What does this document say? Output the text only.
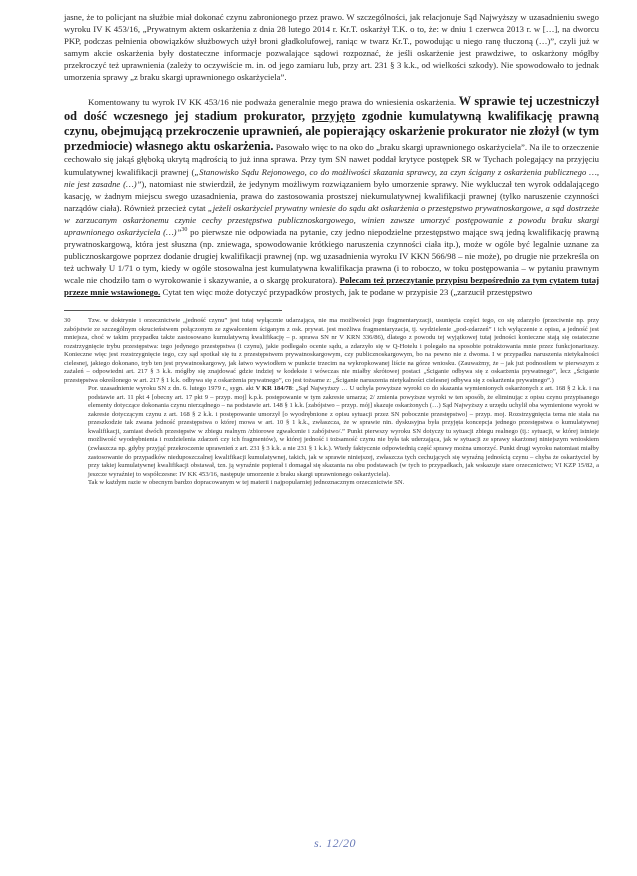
jasne, że to policjant na służbie miał dokonać czynu zabronionego przez prawo. W szczególności, jak relacjonuje Sąd Najwyższy w uzasadnieniu swego wyroku IV K 453/16, „Prywatnym aktem oskarżenia z dnia 28 lutego 2014 r. Kr.T. oskarżył T.K. o to, że: w dniu 1 czerwca 2013 r. w […], na dworcu PKP, podczas pełnienia obowiązków służbowych użył broni gładkolufowej, raniąc w twarz Kr.T., powodując u niego ranę tłuczoną (…)”, czyli już w samym akcie oskarżenia były dostateczne informacje pozwalające sądowi rozpoznać, że jeśli oskarżenie jest prawdziwe, to oskarżony mógłby przekroczyć też uprawnienia (zależy to oczywiście m. in. od jego zamiaru lub, przy art. 231 § 3 k.k., od wielkości szkody). Nie spowodowało to jednak umorzenia sprawy „z braku skargi uprawnionego oskarżyciela”.

Komentowany tu wyrok IV KK 453/16 nie podważa generalnie mego prawa do wniesienia oskarżenia. W sprawie tej uczestniczył od dość wczesnego jej stadium prokurator, przyjęto zgodnie kumulatywną kwalifikację prawną czynu, obejmującą przekroczenie uprawnień, ale popierający oskarżenie prokurator nie złożył (w tym przedmiocie) własnego aktu oskarżenia. Pasowało więc to na oko do „braku skargi uprawnionego oskarżyciela”. Na ile to orzeczenie cechowało się jakąś głęboką ukrytą mądrością to już inna sprawa. Przy tym SN nawet poddał krytyce postępek SR w Tychach polegający na przyjęciu kumulatywnej kwalifikacji prawnej („Stanowisko Sądu Rejonowego, co do możliwości skazania sprawcy, za czyn ścigany z oskarżenia publicznego …, nie jest zasadne (…)”), natomiast nie stwierdził, że jedynym możliwym rozwiązaniem było umorzenie sprawy. Nie wykluczał ten wyrok oddalającego kasację, w żadnym miejscu swego uzasadnienia, prawa do zastosowania prostszej niekumulatywnej kwalifikacji prawnej (tylko naruszenie czynności narządów ciała). Również przecież cytat „jeżeli oskarżyciel prywatny wniesie do sądu akt oskarżenia o przestępstwo prywatnoskargowe, a sąd dostrzeże w zarzucanym oskarżonemu czynie cechy przestępstwa publicznoskargowego, winien zawsze umorzyć postępowanie z powodu braku skargi uprawnionego oskarżyciela (…)”$^{30}$ po pierwsze nie odpowiada na pytanie, czy jedno niepodzielne przestępstwo mające swą jedną kwalifikację prawną prywatnoskargową, która jest słuszna (np. zniewaga, spowodowanie krótkiego naruszenia czynności ciała itp.), może w ogóle być legalnie uznane za publicznoskargowe poprzez dodanie drugiej kwalifikacji prawnej (np. wg uzasadnienia wyroku IV KKN 566/98 – nie może), po drugie nie przekreśla on też uchwały U 1/71 o tym, kiedy w ogóle stosowalna jest kumulatywna kwalifikacja prawna (i to roboczo, w toku postępowania – w pytaniu prawnym wcale nie chodziło tam o wyrokowanie i skazywanie, a o skargę prokuratora). Polecam też przeczytanie przypisu bezpośrednio za tym cytatem tutaj przeze mnie wstawionego. Cytat ten więc może dotyczyć przypadków prostych, jak te podane w przypisie 23 („zarzucił przestępstwo

30	Tzw. w doktrynie i orzecznictwie „jedność czynu” jest tutaj wyłącznie udarzająca, nie ma możliwości jego fragmentaryzacji, usunięcia części tego, co się zdarzyło (przeciwnie np. przy zabójstwie ze szczególnym okrucieństwem połączonym ze zgwałceniem ściganym z osk. prywat. jest możliwa fragmentaryzacja, tj. wydzielenie „pod-zdarzeń” i ich wyłączenie z opisu, a jedność jest mniejsza, choć w takim przypadku także zastosowano kumulatywną kwalifikację – p. sprawa SN nr V KRN 336/86), dlatego z powodu tej wyjątkowej tutaj jedności konieczne stają się ostateczne rozstrzygnięcie trybu przestępstwa: tego jedynego przestępstwa (i czynu), jakie podlegało ocenie sądu, a zdarzyło się w Q-Hotelu i polegało na sposobie potraktowania mnie przez funkcjonariuszy. Konieczne więc jest rozstrzygnięcie tego, czy sąd spotkał się tu z przestępstwem prywatnoskargowym, czy publicznoskargowym, bo na pewno nie z dwoma. I w przypadku naruszenia nietykalności cielesnej, jakiego dokonano, tryb ten jest prywatnoskargowy, jak łatwo wywiodłem w punkcie trzecim na wykropkowanej liście na górze wniosku. (Zauważmy, że – jak już podnosiłem w pierwszym z zażaleń – odpowiedni art. 217 § 3 k.k. mógłby się znajdować gdzie indziej w kodeksie i wówczas nie miałby skrótowej postaci „Ściganie odbywa się z oskarżenia prywatnego”, lecz „Ściganie przestępstwa określonego w art. 217 § 1 k.k. odbywa się z oskarżenia prywatnego”, co jest tożsame z: „Ściganie naruszenia nietykalności cielesnej odbywa się z oskarżenia prywatnego”.)

Por. uzasadnienie wyroku SN z dn. 6. lutego 1979 r., sygn. akt V KR 184/78: „Sąd Najwyższy … U uchyla powyższe wyroki co do skazania wymienionych oskarżonych z art. 168 § 2 k.k. i na podstawie art. 11 pkt 4 [obecny art. 17 pkt 9 – przyp. moj] k.p.k. postępowanie w tym zakresie umarza; 2/ zmienia powyższe wyroki w ten sposób, że eliminując z opisu czynu przypisanego elementy dotyczące dokonania czynu nierządnego – na podstawie art. 148 § 1 k.k. [zabójstwo – przyp. mój] skazuje oskarżonych (…) Sąd Najwyższy z urzędu uchylił oba wymienione wyroki w zakresie dotyczącym czynu z art. 168 § 2 k.k. i postępowanie umorzył [o wyodrębnione z opisu sytuacji przez SN pobocznie przestępstwo] – przyp. moj. Rozstrzygnięcia tema nie stała na przeszkodzie tak zwana jedność przestępstwa o której mowa w art. 10 § 1 k.k., zwłaszcza, że w sprawie nin. dyskusyjna była przyjęta koncepcja jednego przestępstwa o kumulatywnej kwalifikacji, zamiast dwóch przestępstw w zbiegu realnym /zbiorowe zgwałcenie i zabójstwo/.” Punkt pierwszy wyroku SN dotyczy tu sytuacji zbiegu realnego (tj.: sytuacji, w której istnieje możliwość wyodrębnienia i rozdzielenia zdarzeń czy ich fragmentów), w której jedność i tożsamość czynu nie była tak uderzająca, jak w sytuacji ze sprawy skarżonej niniejszym wnioskiem (zwłaszcza np. gdyby przyjąć przekroczenie uprawnień z art. 231 § 3 k.k. a nie 231 § 1 k.k.). Wtedy faktycznie odpowiednią część sprawy można umorzyć. Punkt drugi wyroku natomiast miałby zastosowanie do przypadków nieduposzczalnej kwalifikacji kumulatywnej, takich, jak w sprawie niniejszej, zwłaszcza tych cechujących się wyraźną jednością czynu – chyba że oskarżyciel by przy takiej kumulatywnej kwalifikacji obstawał, tzn. ją wyraźnie popierał i domagał się skazania na obu podstawach (w tych to przypadkach, jak wskazuje stare orzecznictwo; VI KZP 15/82, a jeszcze wyraźniej to współczesne: IV KK 453/16, następuje umorzenie z braku skargi uprawnionego oskarżyciela).

Tak w każdym razie w obecnym bardzo dopracowanym w tej materii i najpopularniej jednoznacznym orzecznictwie SN.

s. 12/20
